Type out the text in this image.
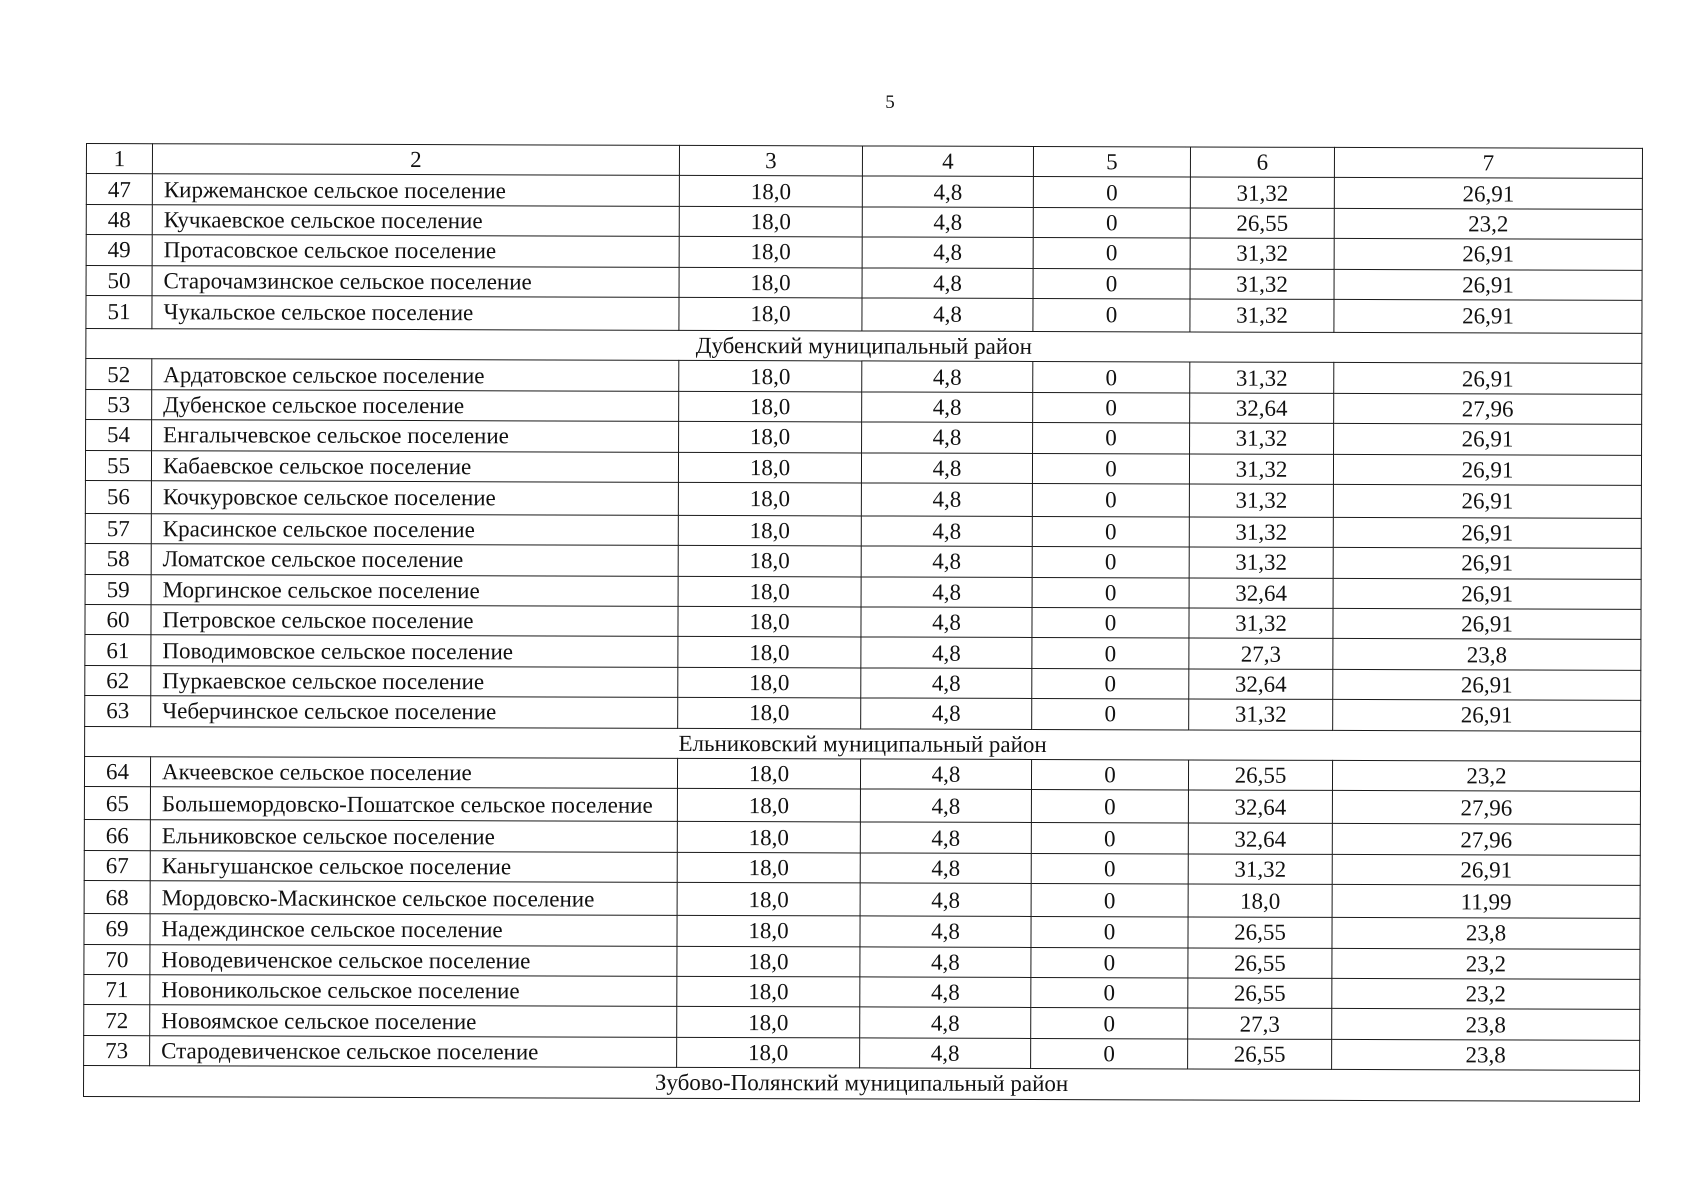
5
1	2	3	4	5	6	7
47	Киржеманское сельское поселение	18,0	4,8	0	31,32	26,91
48	Кучкаевское сельское поселение	18,0	4,8	0	26,55	23,2
49	Протасовское сельское поселение	18,0	4,8	0	31,32	26,91
50	Старочамзинское сельское поселение	18,0	4,8	0	31,32	26,91
51	Чукальское сельское поселение	18,0	4,8	0	31,32	26,91
Дубенский муниципальный район						
52	Ардатовское сельское поселение	18,0	4,8	0	31,32	26,91
53	Дубенское сельское поселение	18,0	4,8	0	32,64	27,96
54	Енгалычевское сельское поселение	18,0	4,8	0	31,32	26,91
55	Кабаевское сельское поселение	18,0	4,8	0	31,32	26,91
56	Кочкуровское сельское поселение	18,0	4,8	0	31,32	26,91
57	Красинское сельское поселение	18,0	4,8	0	31,32	26,91
58	Ломатское сельское поселение	18,0	4,8	0	31,32	26,91
59	Моргинское сельское поселение	18,0	4,8	0	32,64	26,91
60	Петровское сельское поселение	18,0	4,8	0	31,32	26,91
61	Поводимовское сельское поселение	18,0	4,8	0	27,3	23,8
62	Пуркаевское сельское поселение	18,0	4,8	0	32,64	26,91
63	Чеберчинское сельское поселение	18,0	4,8	0	31,32	26,91
Ельниковский муниципальный район						
64	Акчеевское сельское поселение	18,0	4,8	0	26,55	23,2
65	Большемордовско-Пошатское сельское поселение	18,0	4,8	0	32,64	27,96
66	Ельниковское сельское поселение	18,0	4,8	0	32,64	27,96
67	Каньгушанское сельское поселение	18,0	4,8	0	31,32	26,91
68	Мордовско-Маскинское сельское поселение	18,0	4,8	0	18,0	11,99
69	Надеждинское сельское поселение	18,0	4,8	0	26,55	23,8
70	Новодевиченское сельское поселение	18,0	4,8	0	26,55	23,2
71	Новоникольское сельское поселение	18,0	4,8	0	26,55	23,2
72	Новоямское сельское поселение	18,0	4,8	0	27,3	23,8
73	Стародевиченское сельское поселение	18,0	4,8	0	26,55	23,8
Зубово-Полянский муниципальный район						
